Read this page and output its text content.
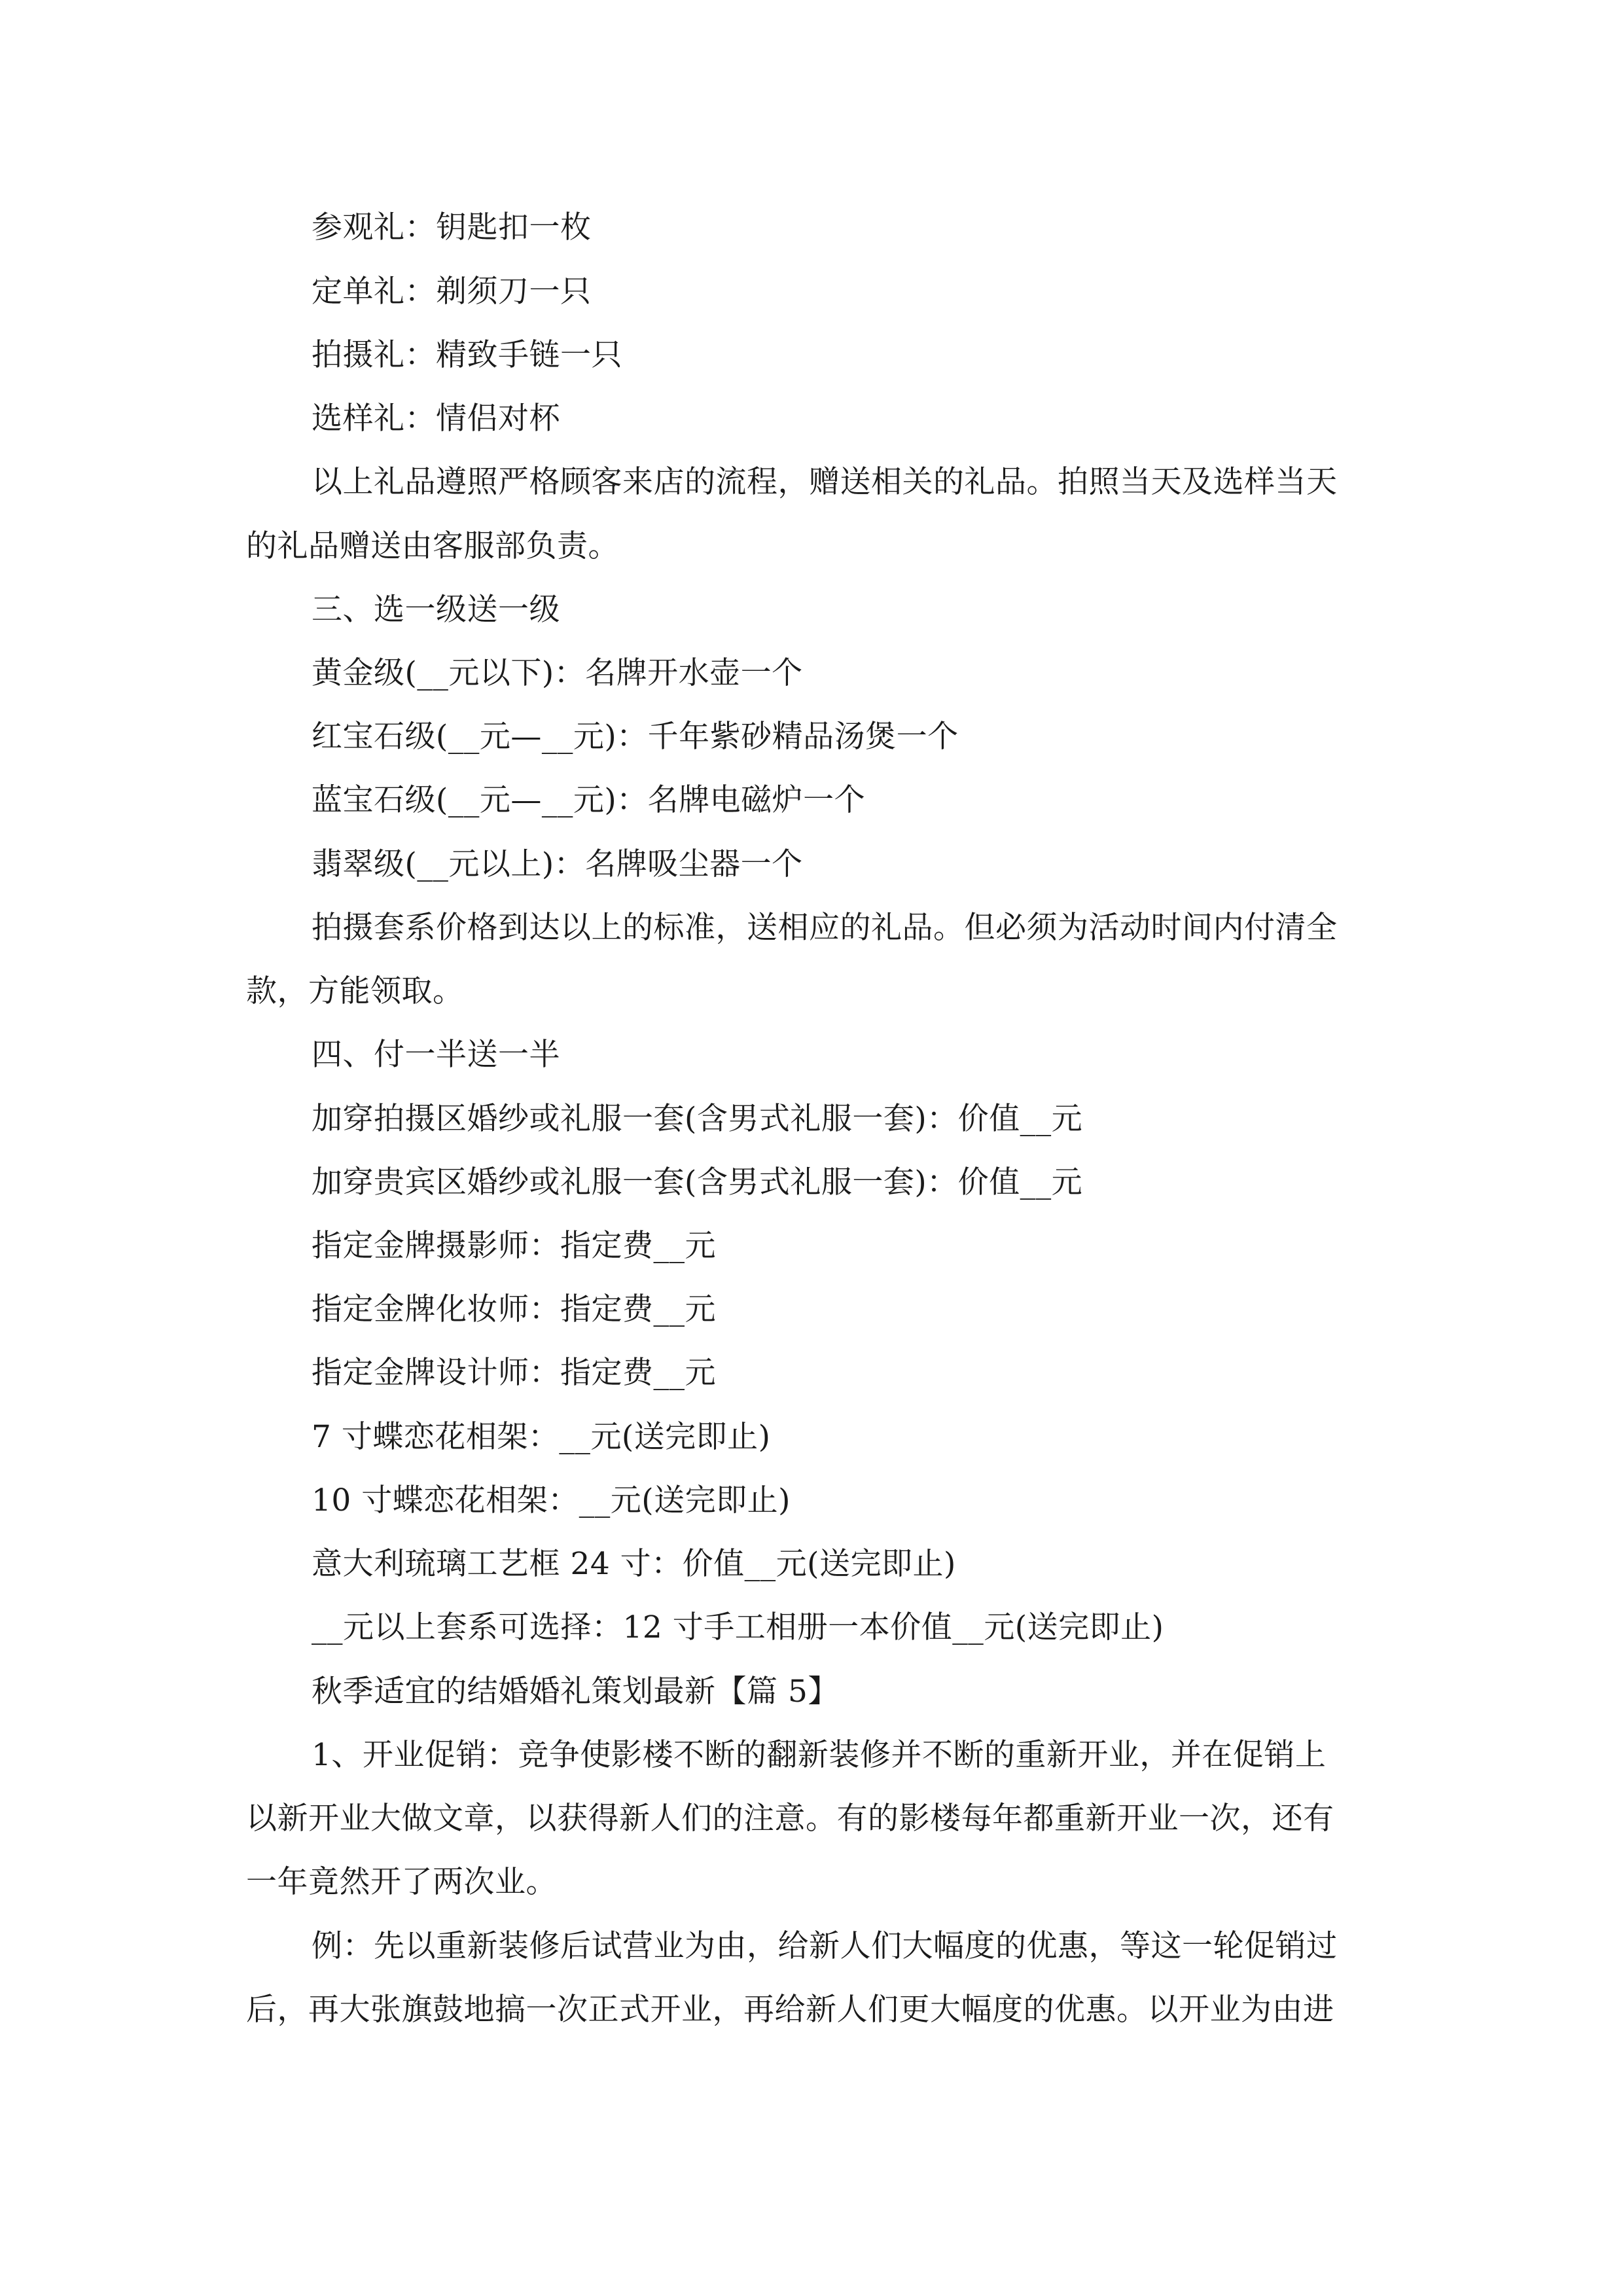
参观礼：钥匙扣一枚
定单礼：剃须刀一只
拍摄礼：精致手链一只
选样礼：情侣对杯
以上礼品遵照严格顾客来店的流程，赠送相关的礼品。拍照当天及选样当天
的礼品赠送由客服部负责。
三、选一级送一级
黄金级(__元以下)：名牌开水壶一个
红宝石级(__元—__元)：千年紫砂精品汤煲一个
蓝宝石级(__元—__元)：名牌电磁炉一个
翡翠级(__元以上)：名牌吸尘器一个
拍摄套系价格到达以上的标准，送相应的礼品。但必须为活动时间内付清全
款，方能领取。
四、付一半送一半
加穿拍摄区婚纱或礼服一套(含男式礼服一套)：价值__元
加穿贵宾区婚纱或礼服一套(含男式礼服一套)：价值__元
指定金牌摄影师：指定费__元
指定金牌化妆师：指定费__元
指定金牌设计师：指定费__元
7 寸蝶恋花相架：__元(送完即止)
10 寸蝶恋花相架：__元(送完即止)
意大利琉璃工艺框 24 寸：价值__元(送完即止)
__元以上套系可选择：12 寸手工相册一本价值__元(送完即止)
秋季适宜的结婚婚礼策划最新【篇 5】
1、开业促销：竞争使影楼不断的翻新装修并不断的重新开业，并在促销上
以新开业大做文章，以获得新人们的注意。有的影楼每年都重新开业一次，还有
一年竟然开了两次业。
例：先以重新装修后试营业为由，给新人们大幅度的优惠，等这一轮促销过
后，再大张旗鼓地搞一次正式开业，再给新人们更大幅度的优惠。以开业为由进
